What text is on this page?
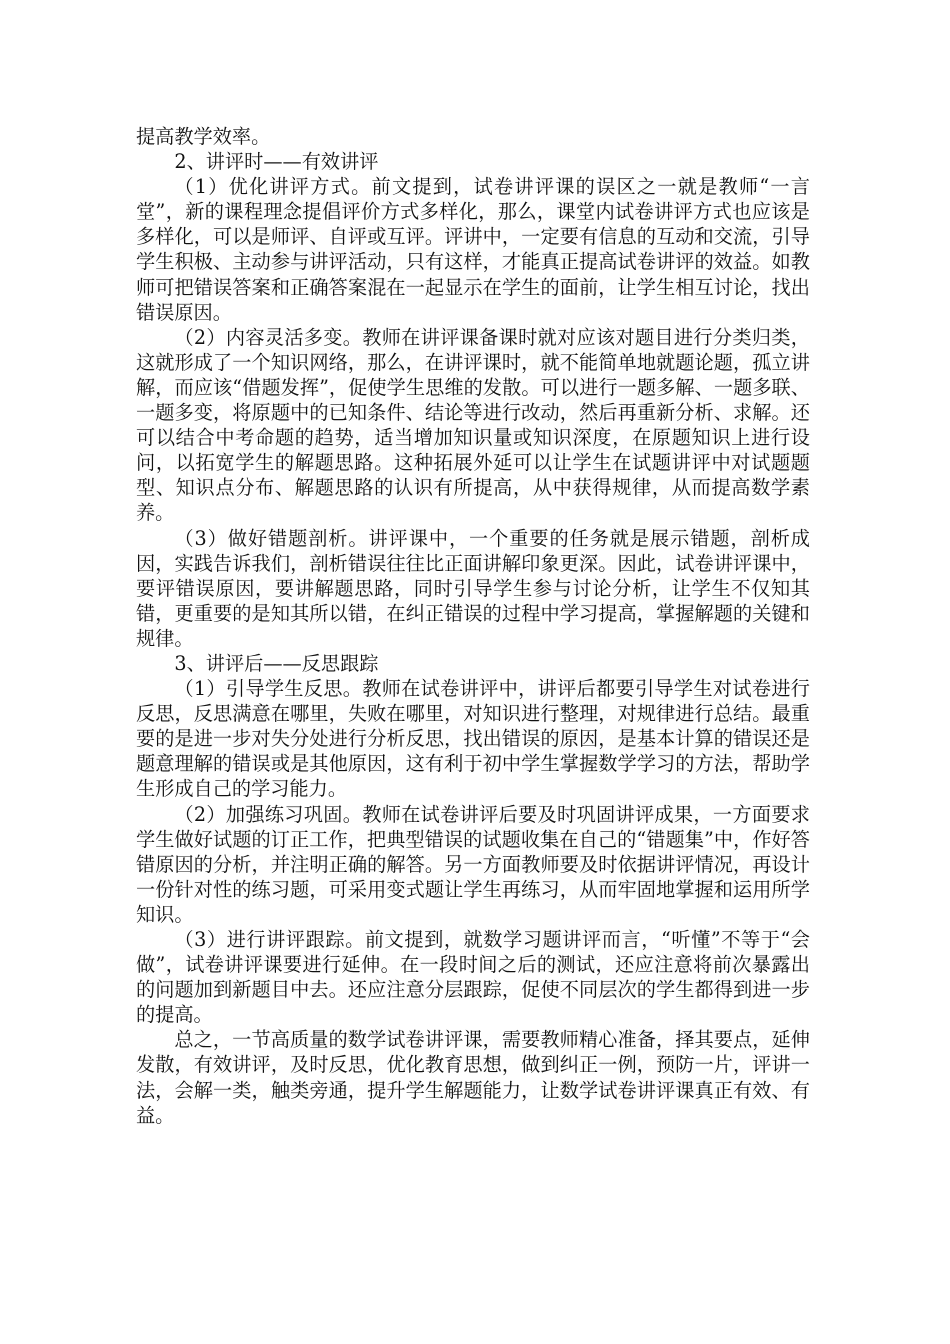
提高教学效率。

2、讲评时——有效讲评

（1）优化讲评方式。前文提到，试卷讲评课的误区之一就是教师“一言堂”，新的课程理念提倡评价方式多样化，那么，课堂内试卷讲评方式也应该是多样化，可以是师评、自评或互评。评讲中，一定要有信息的互动和交流，引导学生积极、主动参与讲评活动，只有这样，才能真正提高试卷讲评的效益。如教师可把错误答案和正确答案混在一起显示在学生的面前，让学生相互讨论，找出错误原因。

（2）内容灵活多变。教师在讲评课备课时就对应该对题目进行分类归类，这就形成了一个知识网络，那么，在讲评课时，就不能简单地就题论题，孤立讲解，而应该“借题发挥”，促使学生思维的发散。可以进行一题多解、一题多联、一题多变，将原题中的已知条件、结论等进行改动，然后再重新分析、求解。还可以结合中考命题的趋势，适当增加知识量或知识深度，在原题知识上进行设问，以拓宽学生的解题思路。这种拓展外延可以让学生在试题讲评中对试题题型、知识点分布、解题思路的认识有所提高，从中获得规律，从而提高数学素养。

（3）做好错题剖析。讲评课中，一个重要的任务就是展示错题，剖析成因，实践告诉我们，剖析错误往往比正面讲解印象更深。因此，试卷讲评课中，要评错误原因，要讲解题思路，同时引导学生参与讨论分析，让学生不仅知其错，更重要的是知其所以错，在纠正错误的过程中学习提高，掌握解题的关键和规律。

3、讲评后——反思跟踪

（1）引导学生反思。教师在试卷讲评中，讲评后都要引导学生对试卷进行反思，反思满意在哪里，失败在哪里，对知识进行整理，对规律进行总结。最重要的是进一步对失分处进行分析反思，找出错误的原因，是基本计算的错误还是题意理解的错误或是其他原因，这有利于初中学生掌握数学学习的方法，帮助学生形成自己的学习能力。

（2）加强练习巩固。教师在试卷讲评后要及时巩固讲评成果，一方面要求学生做好试题的订正工作，把典型错误的试题收集在自己的“错题集”中，作好答错原因的分析，并注明正确的解答。另一方面教师要及时依据讲评情况，再设计一份针对性的练习题，可采用变式题让学生再练习，从而牢固地掌握和运用所学知识。

（3）进行讲评跟踪。前文提到，就数学习题讲评而言，“听懂”不等于“会做”，试卷讲评课要进行延伸。在一段时间之后的测试，还应注意将前次暴露出的问题加到新题目中去。还应注意分层跟踪，促使不同层次的学生都得到进一步的提高。

总之，一节高质量的数学试卷讲评课，需要教师精心准备，择其要点，延伸发散，有效讲评，及时反思，优化教育思想，做到纠正一例，预防一片，评讲一法，会解一类，触类旁通，提升学生解题能力，让数学试卷讲评课真正有效、有益。
